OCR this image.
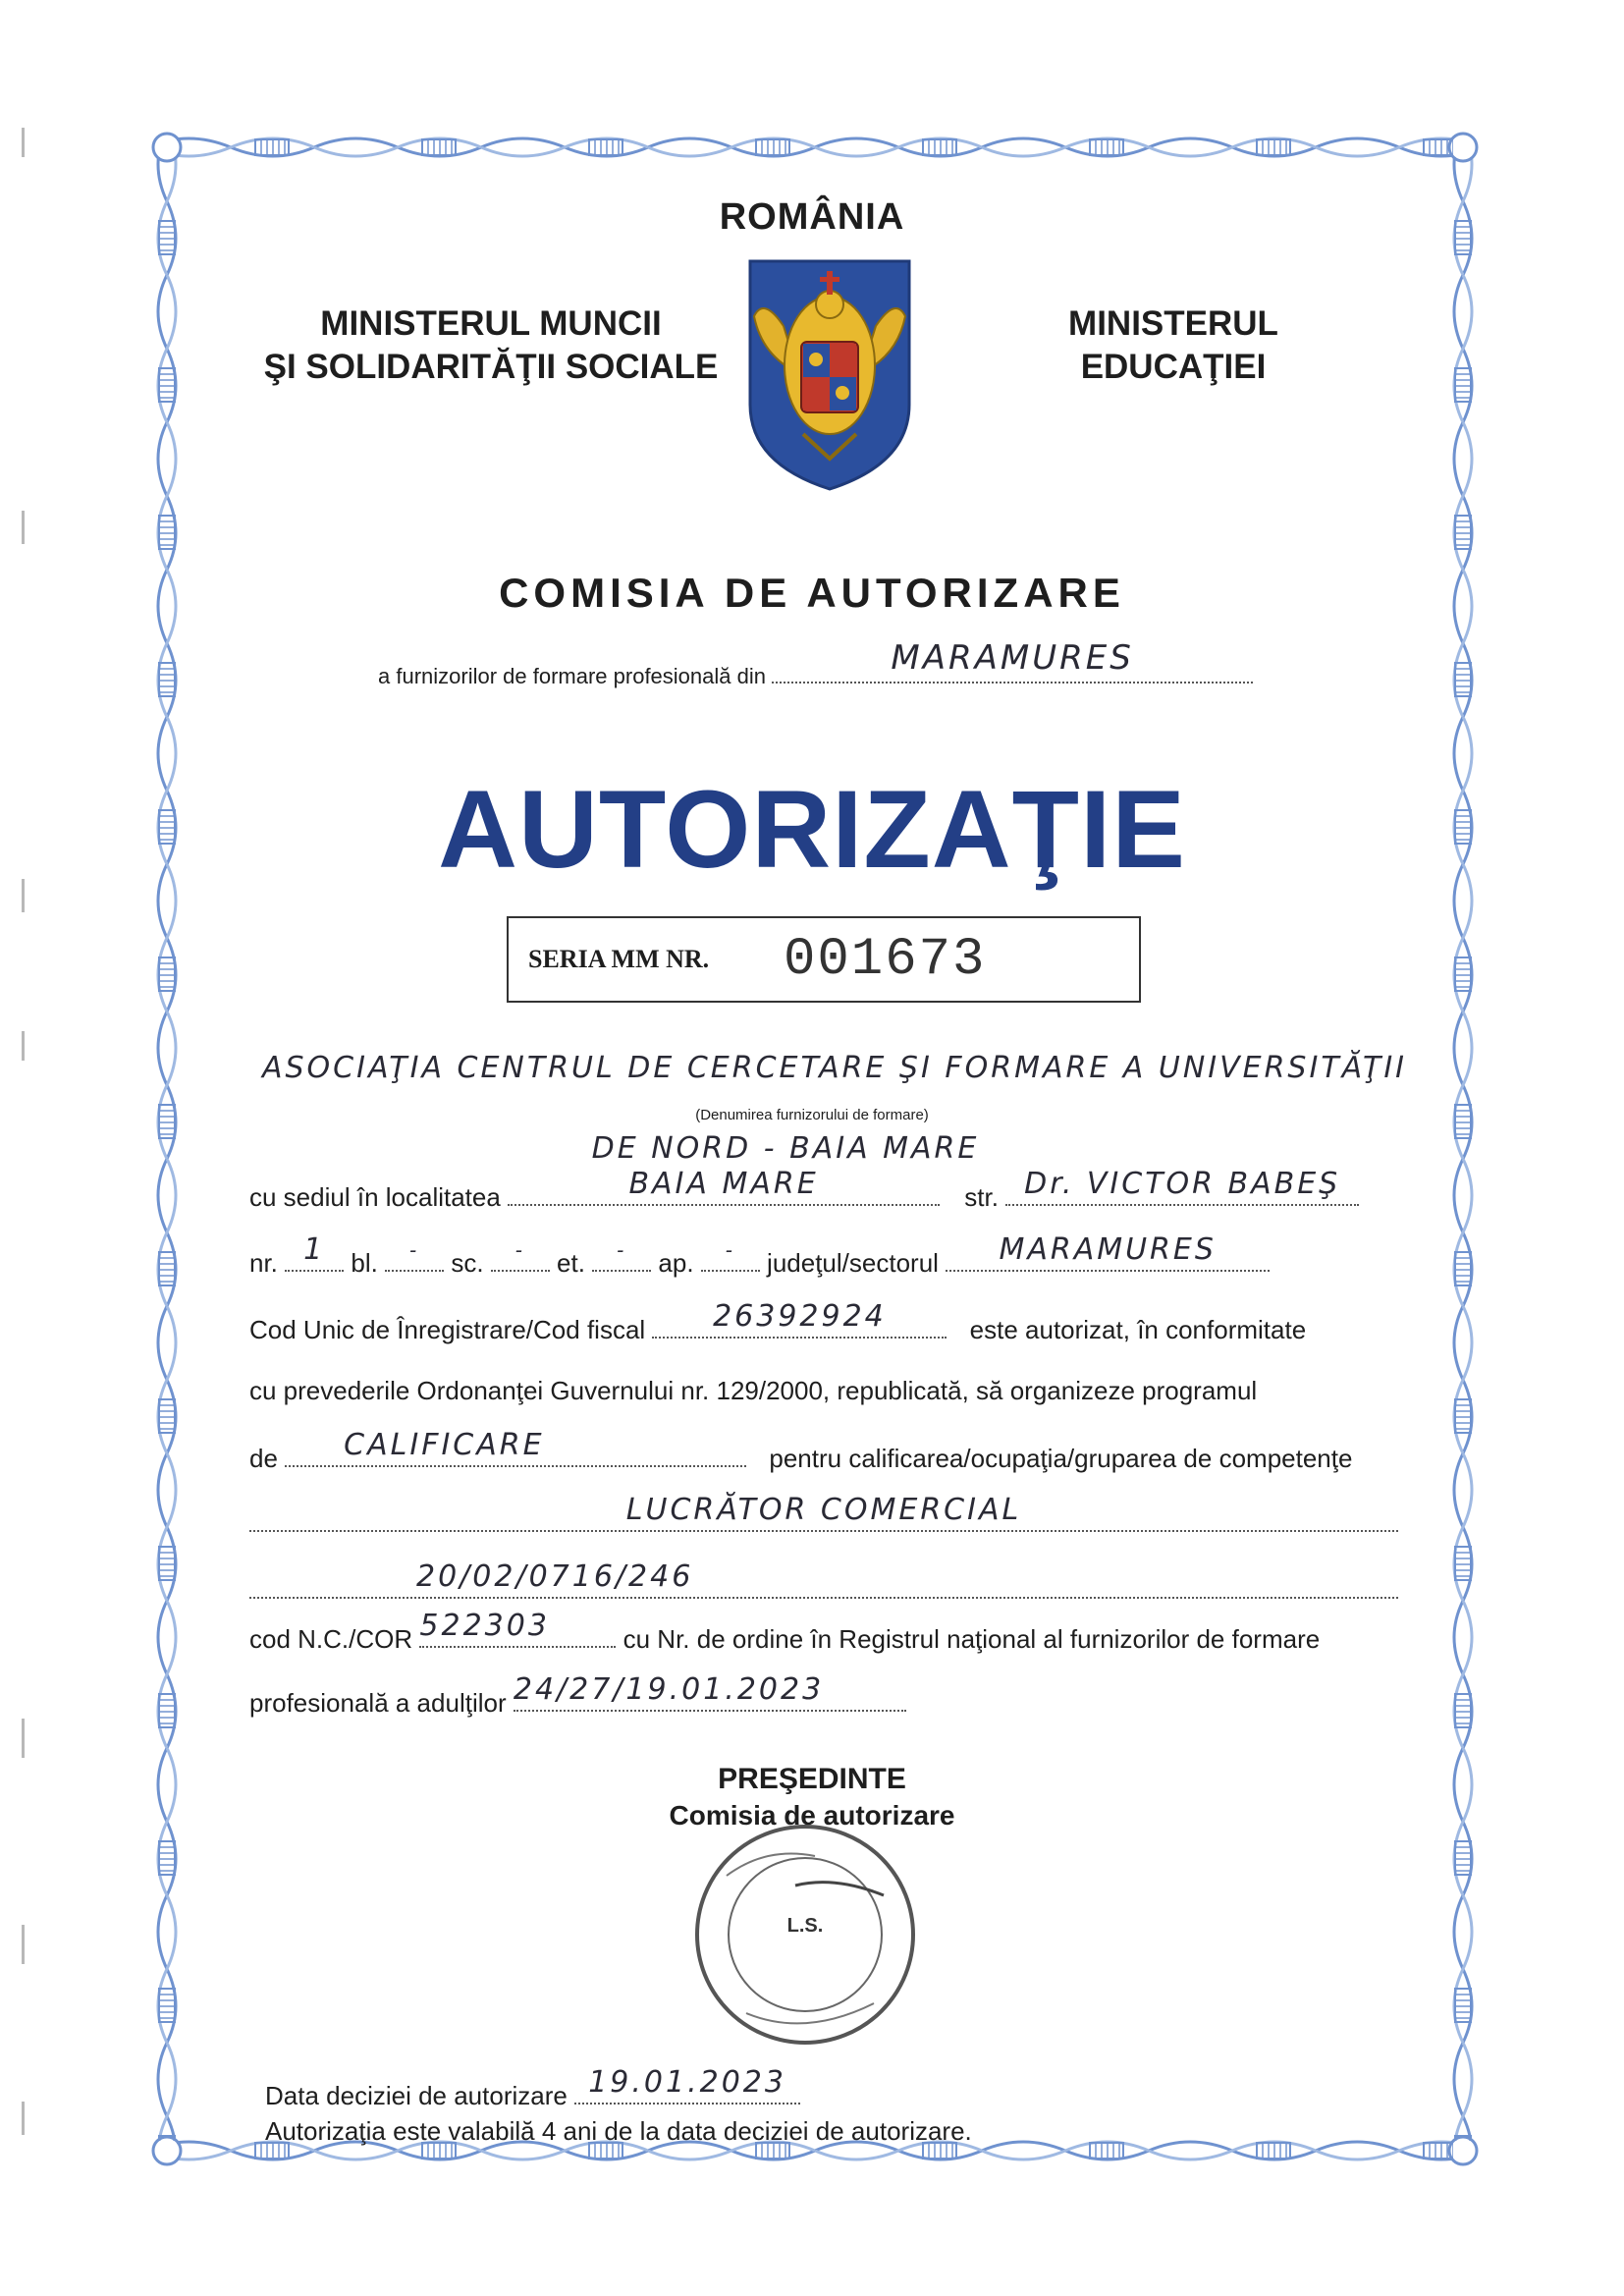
ROMÂNIA
MINISTERUL MUNCII
ŞI SOLIDARITĂŢII SOCIALE
MINISTERUL
EDUCAŢIEI
COMISIA DE AUTORIZARE
a furnizorilor de formare profesională din	MARAMURES
AUTORIZAŢIE
SERIA MM NR. 001673
ASOCIAŢIA CENTRUL DE CERCETARE ŞI FORMARE A UNIVERSITĂŢII
(Denumirea furnizorului de formare)
DE NORD - BAIA MARE
cu sediul în localitatea	BAIA MARE	str. Dr. VICTOR BABEŞ
nr. 1	bl.	-	sc.	-	et.	-	ap.	-	judeţul/sectorul	MARAMURES
Cod Unic de Înregistrare/Cod fiscal	26392924	este autorizat, în conformitate
cu prevederile Ordonanţei Guvernului nr. 129/2000, republicată, să organizeze programul
de CALIFICARE	pentru calificarea/ocupaţia/gruparea de competenţe
LUCRĂTOR COMERCIAL
20/02/0716/246
cod N.C./COR 522303	cu Nr. de ordine în Registrul naţional al furnizorilor de formare
profesională a adulţilor 24/27/19.01.2023
PREŞEDINTE
Comisia de autorizare
L.S.
Data deciziei de autorizare 19.01.2023
Autorizaţia este valabilă 4 ani de la data deciziei de autorizare.
